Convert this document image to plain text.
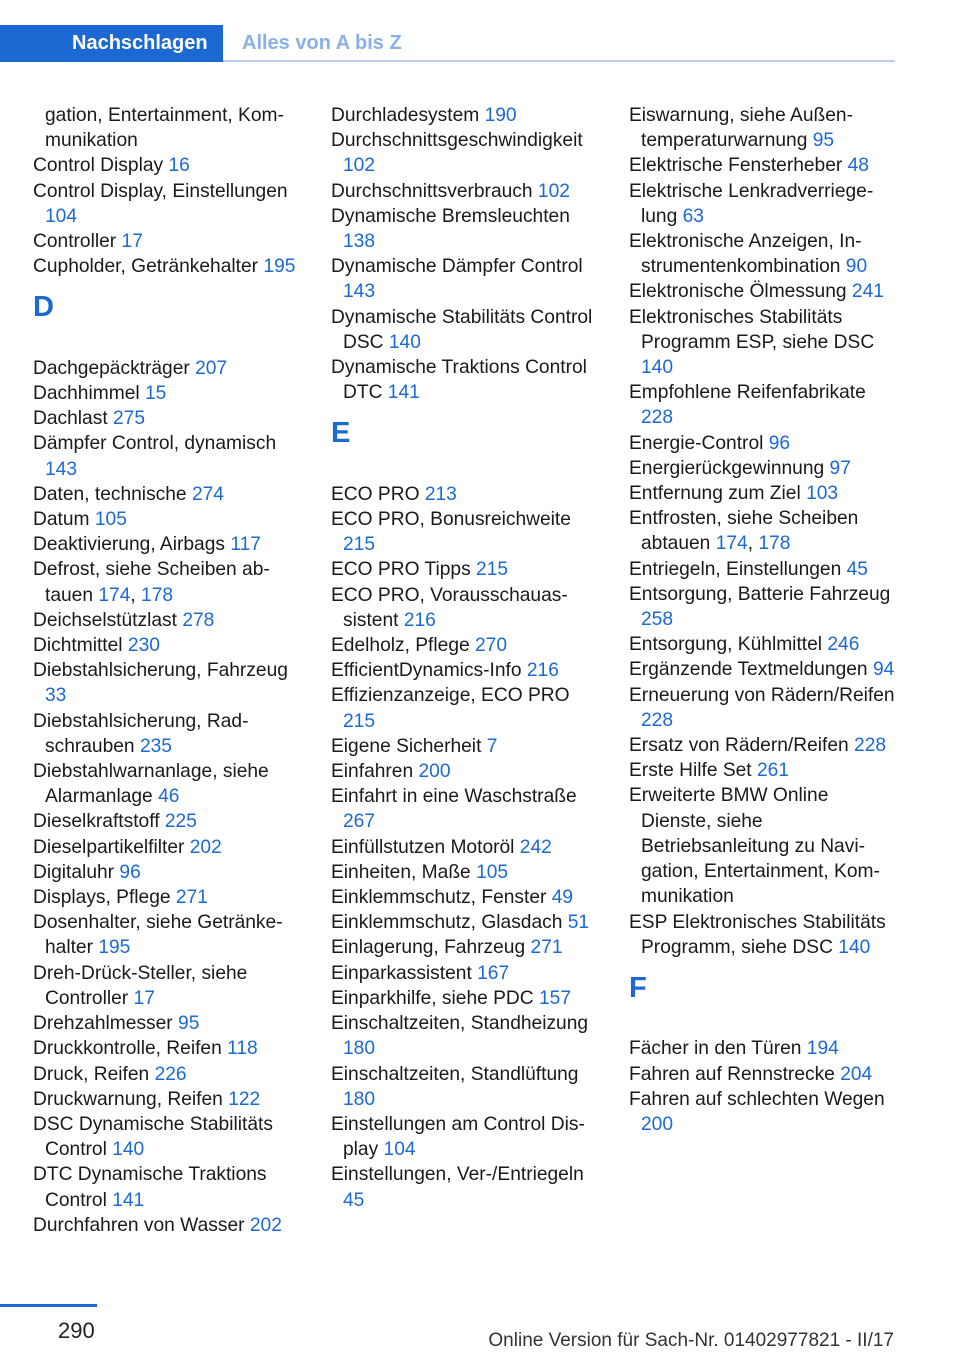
Nachschlagen	Alles von A bis Z
gation, Entertainment, Kommunikation
Control Display 16
Control Display, Einstellungen 104
Controller 17
Cupholder, Getränkehalter 195
D
Dachgepäckträger 207
Dachhimmel 15
Dachlast 275
Dämpfer Control, dynamisch 143
Daten, technische 274
Datum 105
Deaktivierung, Airbags 117
Defrost, siehe Scheiben abtauen 174, 178
Deichselstützlast 278
Dichtmittel 230
Diebstahlsicherung, Fahrzeug 33
Diebstahlsicherung, Radschrauben 235
Diebstahlwarnanlage, siehe Alarmanlage 46
Dieselkraftstoff 225
Dieselpartikelfilter 202
Digitaluhr 96
Displays, Pflege 271
Dosenhalter, siehe Getränkehalter 195
Dreh-Drück-Steller, siehe Controller 17
Drehzahlmesser 95
Druckkontrolle, Reifen 118
Druck, Reifen 226
Druckwarnung, Reifen 122
DSC Dynamische Stabilitäts Control 140
DTC Dynamische Traktions Control 141
Durchfahren von Wasser 202
Durchladesystem 190
Durchschnittsgeschwindigkeit 102
Durchschnittsverbrauch 102
Dynamische Bremsleuchten 138
Dynamische Dämpfer Control 143
Dynamische Stabilitäts Control DSC 140
Dynamische Traktions Control DTC 141
E
ECO PRO 213
ECO PRO, Bonusreichweite 215
ECO PRO Tipps 215
ECO PRO, Vorausschauassistent 216
Edelholz, Pflege 270
EfficientDynamics-Info 216
Effizienzanzeige, ECO PRO 215
Eigene Sicherheit 7
Einfahren 200
Einfahrt in eine Waschstraße 267
Einfüllstutzen Motoröl 242
Einheiten, Maße 105
Einklemmschutz, Fenster 49
Einklemmschutz, Glasdach 51
Einlagerung, Fahrzeug 271
Einparkassistent 167
Einparkhilfe, siehe PDC 157
Einschaltzeiten, Standheizung 180
Einschaltzeiten, Standlüftung 180
Einstellungen am Control Display 104
Einstellungen, Ver-/Entriegeln 45
Eiswarnung, siehe Außentemperaturwarnung 95
Elektrische Fensterheber 48
Elektrische Lenkradverriegelung 63
Elektronische Anzeigen, Instrumentenkombination 90
Elektronische Ölmessung 241
Elektronisches Stabilitäts Programm ESP, siehe DSC 140
Empfohlene Reifenfabrikate 228
Energie-Control 96
Energierückgewinnung 97
Entfernung zum Ziel 103
Entfrosten, siehe Scheiben abtauen 174, 178
Entriegeln, Einstellungen 45
Entsorgung, Batterie Fahrzeug 258
Entsorgung, Kühlmittel 246
Ergänzende Textmeldungen 94
Erneuerung von Rädern/​Reifen 228
Ersatz von Rädern/​Reifen 228
Erste Hilfe Set 261
Erweiterte BMW Online Dienste, siehe Betriebsanleitung zu Navigation, Entertainment, Kommunikation
ESP Elektronisches Stabilitäts Programm, siehe DSC 140
F
Fächer in den Türen 194
Fahren auf Rennstrecke 204
Fahren auf schlechten Wegen 200
290	Online Version für Sach-Nr. 01402977821 - II/17
